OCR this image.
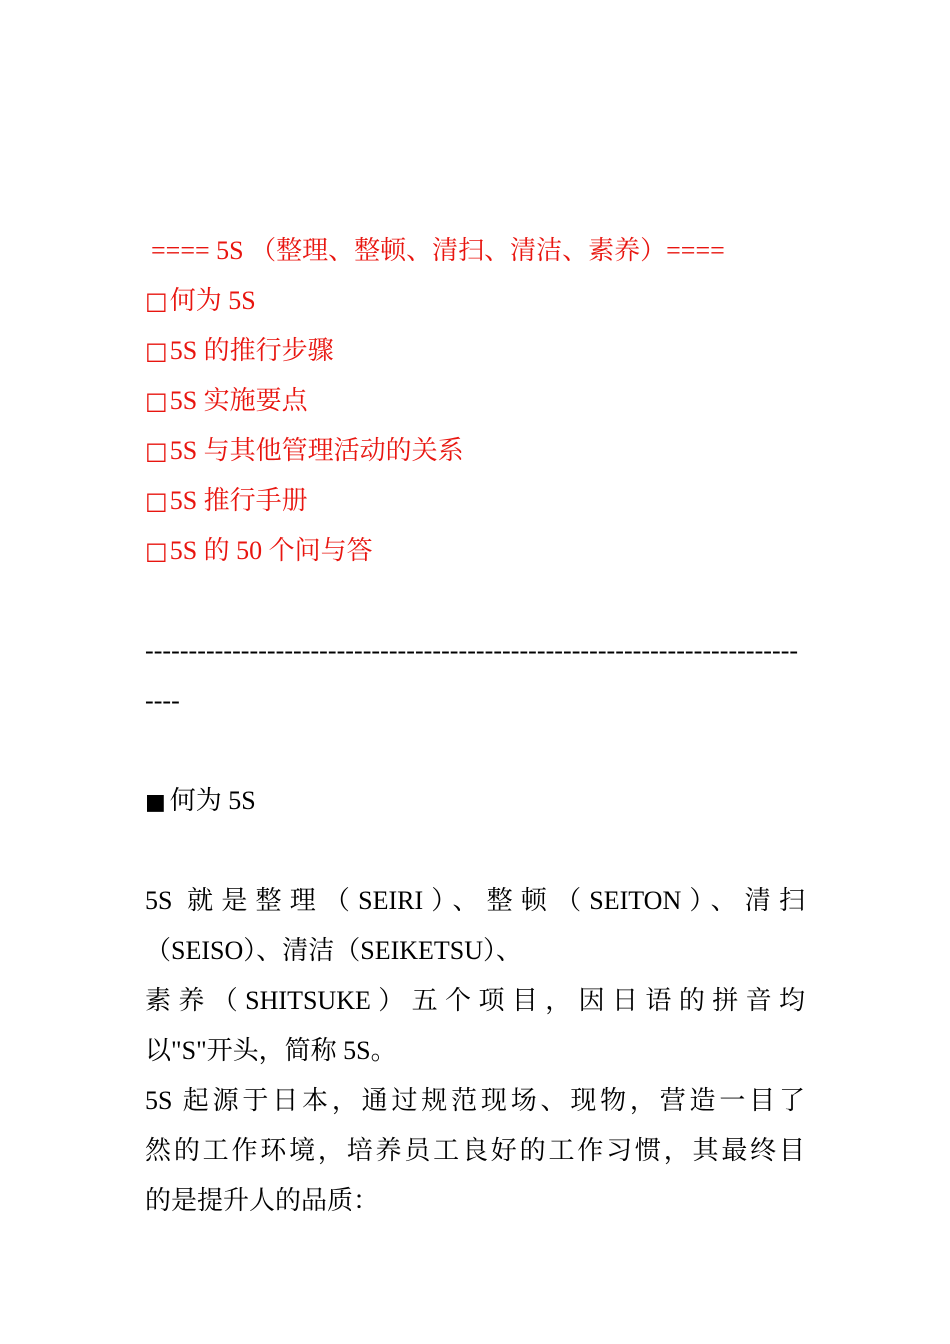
==== 5S （整理、整顿、清扫、清洁、素养）====
□何为 5S
□5S 的推行步骤
□5S 实施要点
□5S 与其他管理活动的关系
□5S 推行手册
□5S 的 50 个问与答
-------------------------------------------------------------------------------
■ 何为 5S
5S 就是整理（SEIRI）、整顿（SEITON）、清扫
（SEISO）、清洁（SEIKETSU）、
素养（SHITSUKE）五个项目，因日语的拼音均
以"S"开头，简称 5S。
5S 起源于日本，通过规范现场、现物，营造一目了
然的工作环境，培养员工良好的工作习惯，其最终目
的是提升人的品质：
